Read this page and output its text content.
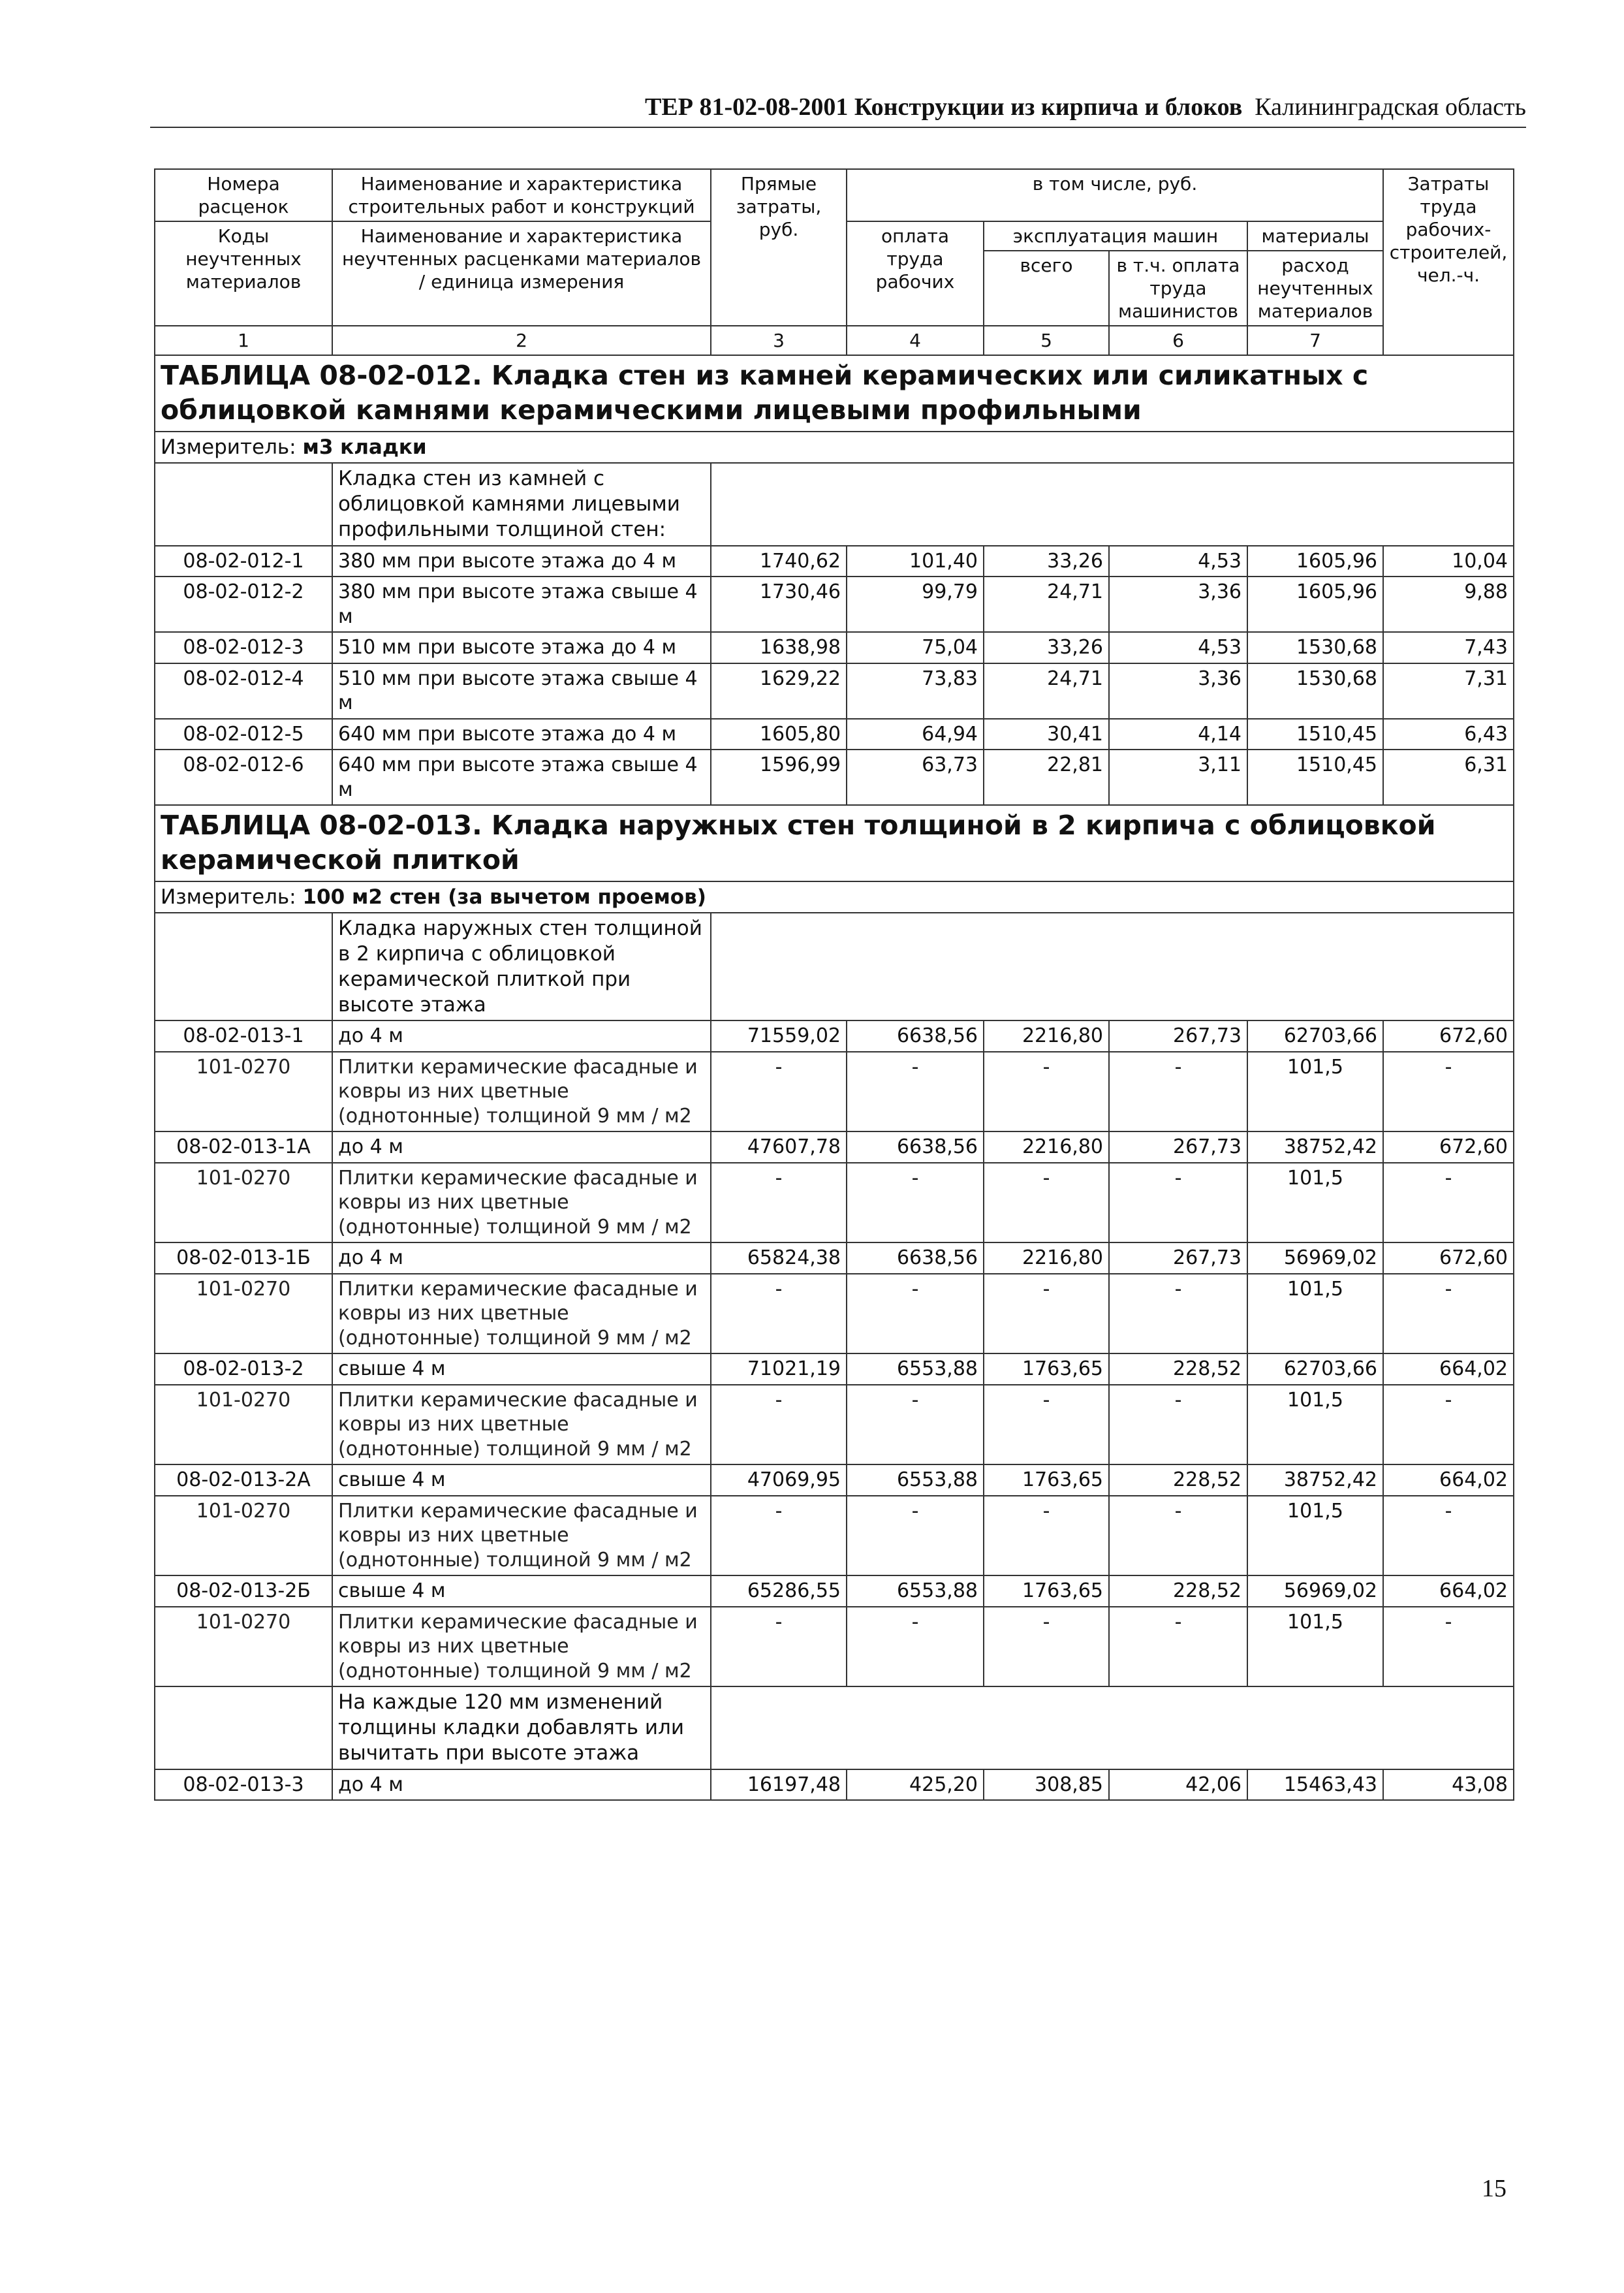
ТЕР 81-02-08-2001 Конструкции из кирпича и блоков Калининградская область
Номера расценок	Наименование и характеристика строительных работ и конструкций	Прямые затраты, руб.	в том числе, руб.				Затраты труда рабочих-строителей, чел.-ч.
Коды неучтенных материалов	Наименование и характеристика неучтенных расценками материалов / единица измерения		оплата труда рабочих	эксплуатация машин		материалы	
				всего	в т.ч. оплата труда машинистов	расход неучтенных материалов	
1	2	3	4	5	6	7	
ТАБЛИЦА 08-02-012. Кладка стен из камней керамических или силикатных с облицовкой камнями керамическими лицевыми профильными							
Измеритель: м3 кладки							
	Кладка стен из камней с облицовкой камнями лицевыми профильными толщиной стен:						
08-02-012-1	380 мм при высоте этажа до 4 м	1740,62	101,40	33,26	4,53	1605,96	10,04
08-02-012-2	380 мм при высоте этажа свыше 4 м	1730,46	99,79	24,71	3,36	1605,96	9,88
08-02-012-3	510 мм при высоте этажа до 4 м	1638,98	75,04	33,26	4,53	1530,68	7,43
08-02-012-4	510 мм при высоте этажа свыше 4 м	1629,22	73,83	24,71	3,36	1530,68	7,31
08-02-012-5	640 мм при высоте этажа до 4 м	1605,80	64,94	30,41	4,14	1510,45	6,43
08-02-012-6	640 мм при высоте этажа свыше 4 м	1596,99	63,73	22,81	3,11	1510,45	6,31
ТАБЛИЦА 08-02-013. Кладка наружных стен толщиной в 2 кирпича с облицовкой керамической плиткой							
Измеритель: 100 м2 стен (за вычетом проемов)							
	Кладка наружных стен толщиной в 2 кирпича с облицовкой керамической плиткой при высоте этажа						
08-02-013-1	до 4 м	71559,02	6638,56	2216,80	267,73	62703,66	672,60
101-0270	Плитки керамические фасадные и ковры из них цветные (однотонные) толщиной 9 мм / м2	-	-	-	-	101,5	-
08-02-013-1А	до 4 м	47607,78	6638,56	2216,80	267,73	38752,42	672,60
101-0270	Плитки керамические фасадные и ковры из них цветные (однотонные) толщиной 9 мм / м2	-	-	-	-	101,5	-
08-02-013-1Б	до 4 м	65824,38	6638,56	2216,80	267,73	56969,02	672,60
101-0270	Плитки керамические фасадные и ковры из них цветные (однотонные) толщиной 9 мм / м2	-	-	-	-	101,5	-
08-02-013-2	свыше 4 м	71021,19	6553,88	1763,65	228,52	62703,66	664,02
101-0270	Плитки керамические фасадные и ковры из них цветные (однотонные) толщиной 9 мм / м2	-	-	-	-	101,5	-
08-02-013-2А	свыше 4 м	47069,95	6553,88	1763,65	228,52	38752,42	664,02
101-0270	Плитки керамические фасадные и ковры из них цветные (однотонные) толщиной 9 мм / м2	-	-	-	-	101,5	-
08-02-013-2Б	свыше 4 м	65286,55	6553,88	1763,65	228,52	56969,02	664,02
101-0270	Плитки керамические фасадные и ковры из них цветные (однотонные) толщиной 9 мм / м2	-	-	-	-	101,5	-
	На каждые 120 мм изменений толщины кладки добавлять или вычитать при высоте этажа						
08-02-013-3	до 4 м	16197,48	425,20	308,85	42,06	15463,43	43,08
15
